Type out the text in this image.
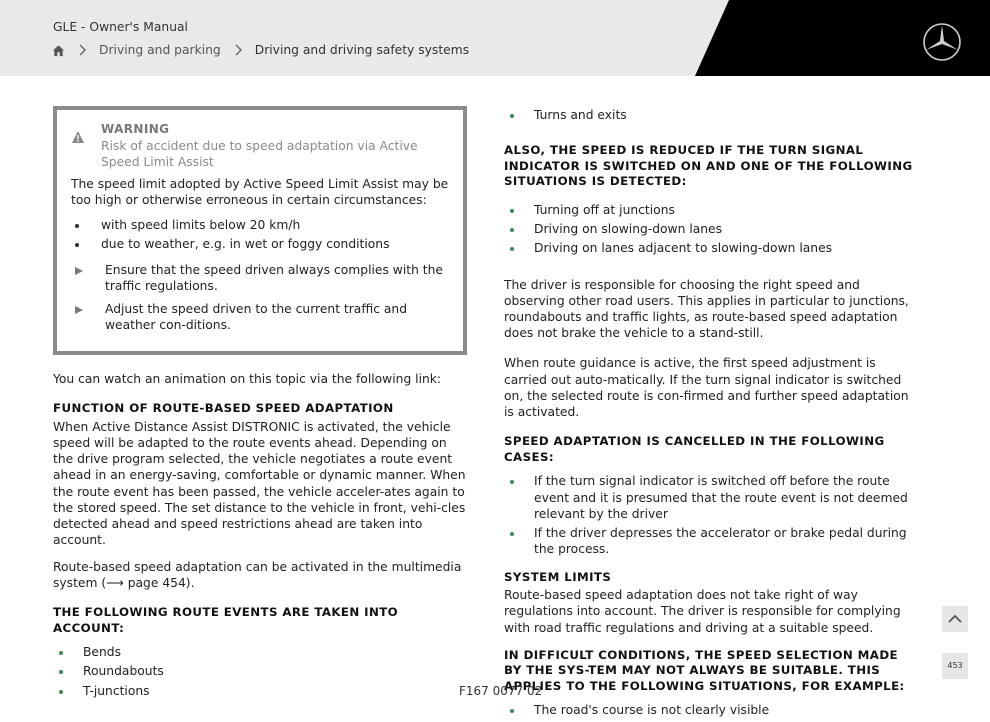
GLE - Owner's Manual
Driving and parking	Driving and driving safety systems
WARNING
Risk of accident due to speed adaptation via Active Speed Limit Assist
The speed limit adopted by Active Speed Limit Assist may be too high or otherwise erroneous in certain circumstances:
with speed limits below 20 km/h
due to weather, e.g. in wet or foggy conditions
Ensure that the speed driven always complies with the traffic regulations.
Adjust the speed driven to the current traffic and weather con-ditions.

You can watch an animation on this topic via the following link:

FUNCTION OF ROUTE-BASED SPEED ADAPTATION

When Active Distance Assist DISTRONIC is activated, the vehicle speed will be adapted to the route events ahead. Depending on the drive program selected, the vehicle negotiates a route event ahead in an energy-saving, comfortable or dynamic manner. When the route event has been passed, the vehicle acceler-ates again to the stored speed. The set distance to the vehicle in front, vehi-cles detected ahead and speed restrictions ahead are taken into account.

Route-based speed adaptation can be activated in the multimedia system (⟶ page 454).

THE FOLLOWING ROUTE EVENTS ARE TAKEN INTO ACCOUNT:
Bends
Roundabouts
T-junctions
Turns and exits
ALSO, THE SPEED IS REDUCED IF THE TURN SIGNAL INDICATOR IS SWITCHED ON AND ONE OF THE FOLLOWING SITUATIONS IS DETECTED:
Turning off at junctions
Driving on slowing-down lanes
Driving on lanes adjacent to slowing-down lanes

The driver is responsible for choosing the right speed and observing other road users. This applies in particular to junctions, roundabouts and traffic lights, as route-based speed adaptation does not brake the vehicle to a stand-still.

When route guidance is active, the first speed adjustment is carried out auto-matically. If the turn signal indicator is switched on, the selected route is con-firmed and further speed adaptation is activated.

SPEED ADAPTATION IS CANCELLED IN THE FOLLOWING CASES:
If the turn signal indicator is switched off before the route event and it is presumed that the route event is not deemed relevant by the driver
If the driver depresses the accelerator or brake pedal during the process.
SYSTEM LIMITS

Route-based speed adaptation does not take right of way regulations into account. The driver is responsible for complying with road traffic regulations and driving at a suitable speed.

IN DIFFICULT CONDITIONS, THE SPEED SELECTION MADE BY THE SYS-TEM MAY NOT ALWAYS BE SUITABLE. THIS APPLIES TO THE FOLLOWING SITUATIONS, FOR EXAMPLE:
The road's course is not clearly visible
453
F167 0077 02
